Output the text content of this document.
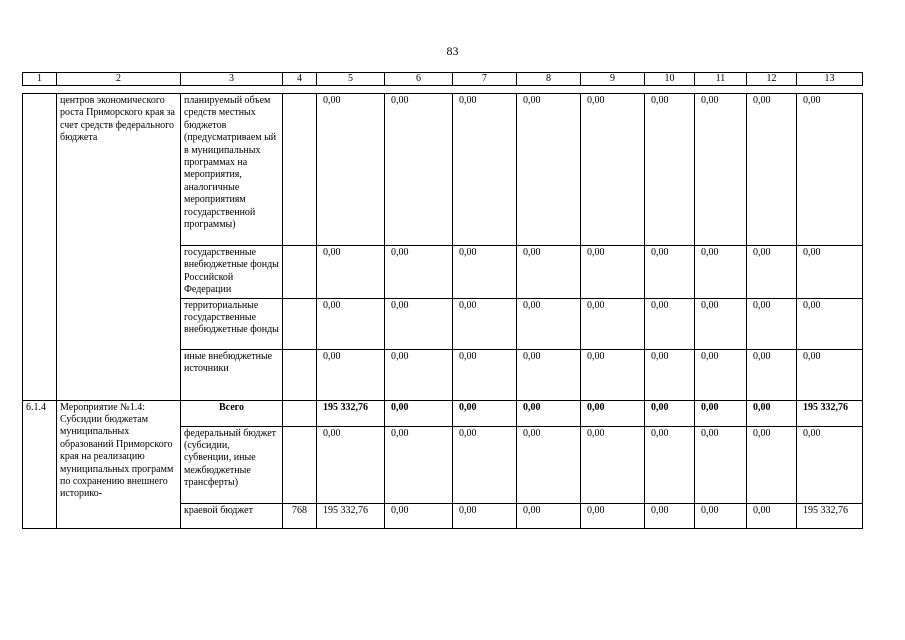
83
1	2	3	4	5	6	7	8	9	10	11	12	13
	центров экономического роста Приморского края за счет средств федерального бюджета	планируемый объем средств местных бюджетов (предусматриваем ый в муниципальных программах на мероприятия, аналогичные мероприятиям государственной программы)		0,00	0,00	0,00	0,00	0,00	0,00	0,00	0,00	0,00
		государственные внебюджетные фонды Российской Федерации		0,00	0,00	0,00	0,00	0,00	0,00	0,00	0,00	0,00
		территориальные государственные внебюджетные фонды		0,00	0,00	0,00	0,00	0,00	0,00	0,00	0,00	0,00
		иные внебюджетные источники		0,00	0,00	0,00	0,00	0,00	0,00	0,00	0,00	0,00
6.1.4	Мероприятие №1.4: Субсидии бюджетам муниципальных образований Приморского края на реализацию муниципальных программ по сохранению внешнего историко-	Всего		195 332,76	0,00	0,00	0,00	0,00	0,00	0,00	0,00	195 332,76
		федеральный бюджет (субсидии, субвенции, иные межбюджетные трансферты)		0,00	0,00	0,00	0,00	0,00	0,00	0,00	0,00	0,00
		краевой бюджет	768	195 332,76	0,00	0,00	0,00	0,00	0,00	0,00	0,00	195 332,76
